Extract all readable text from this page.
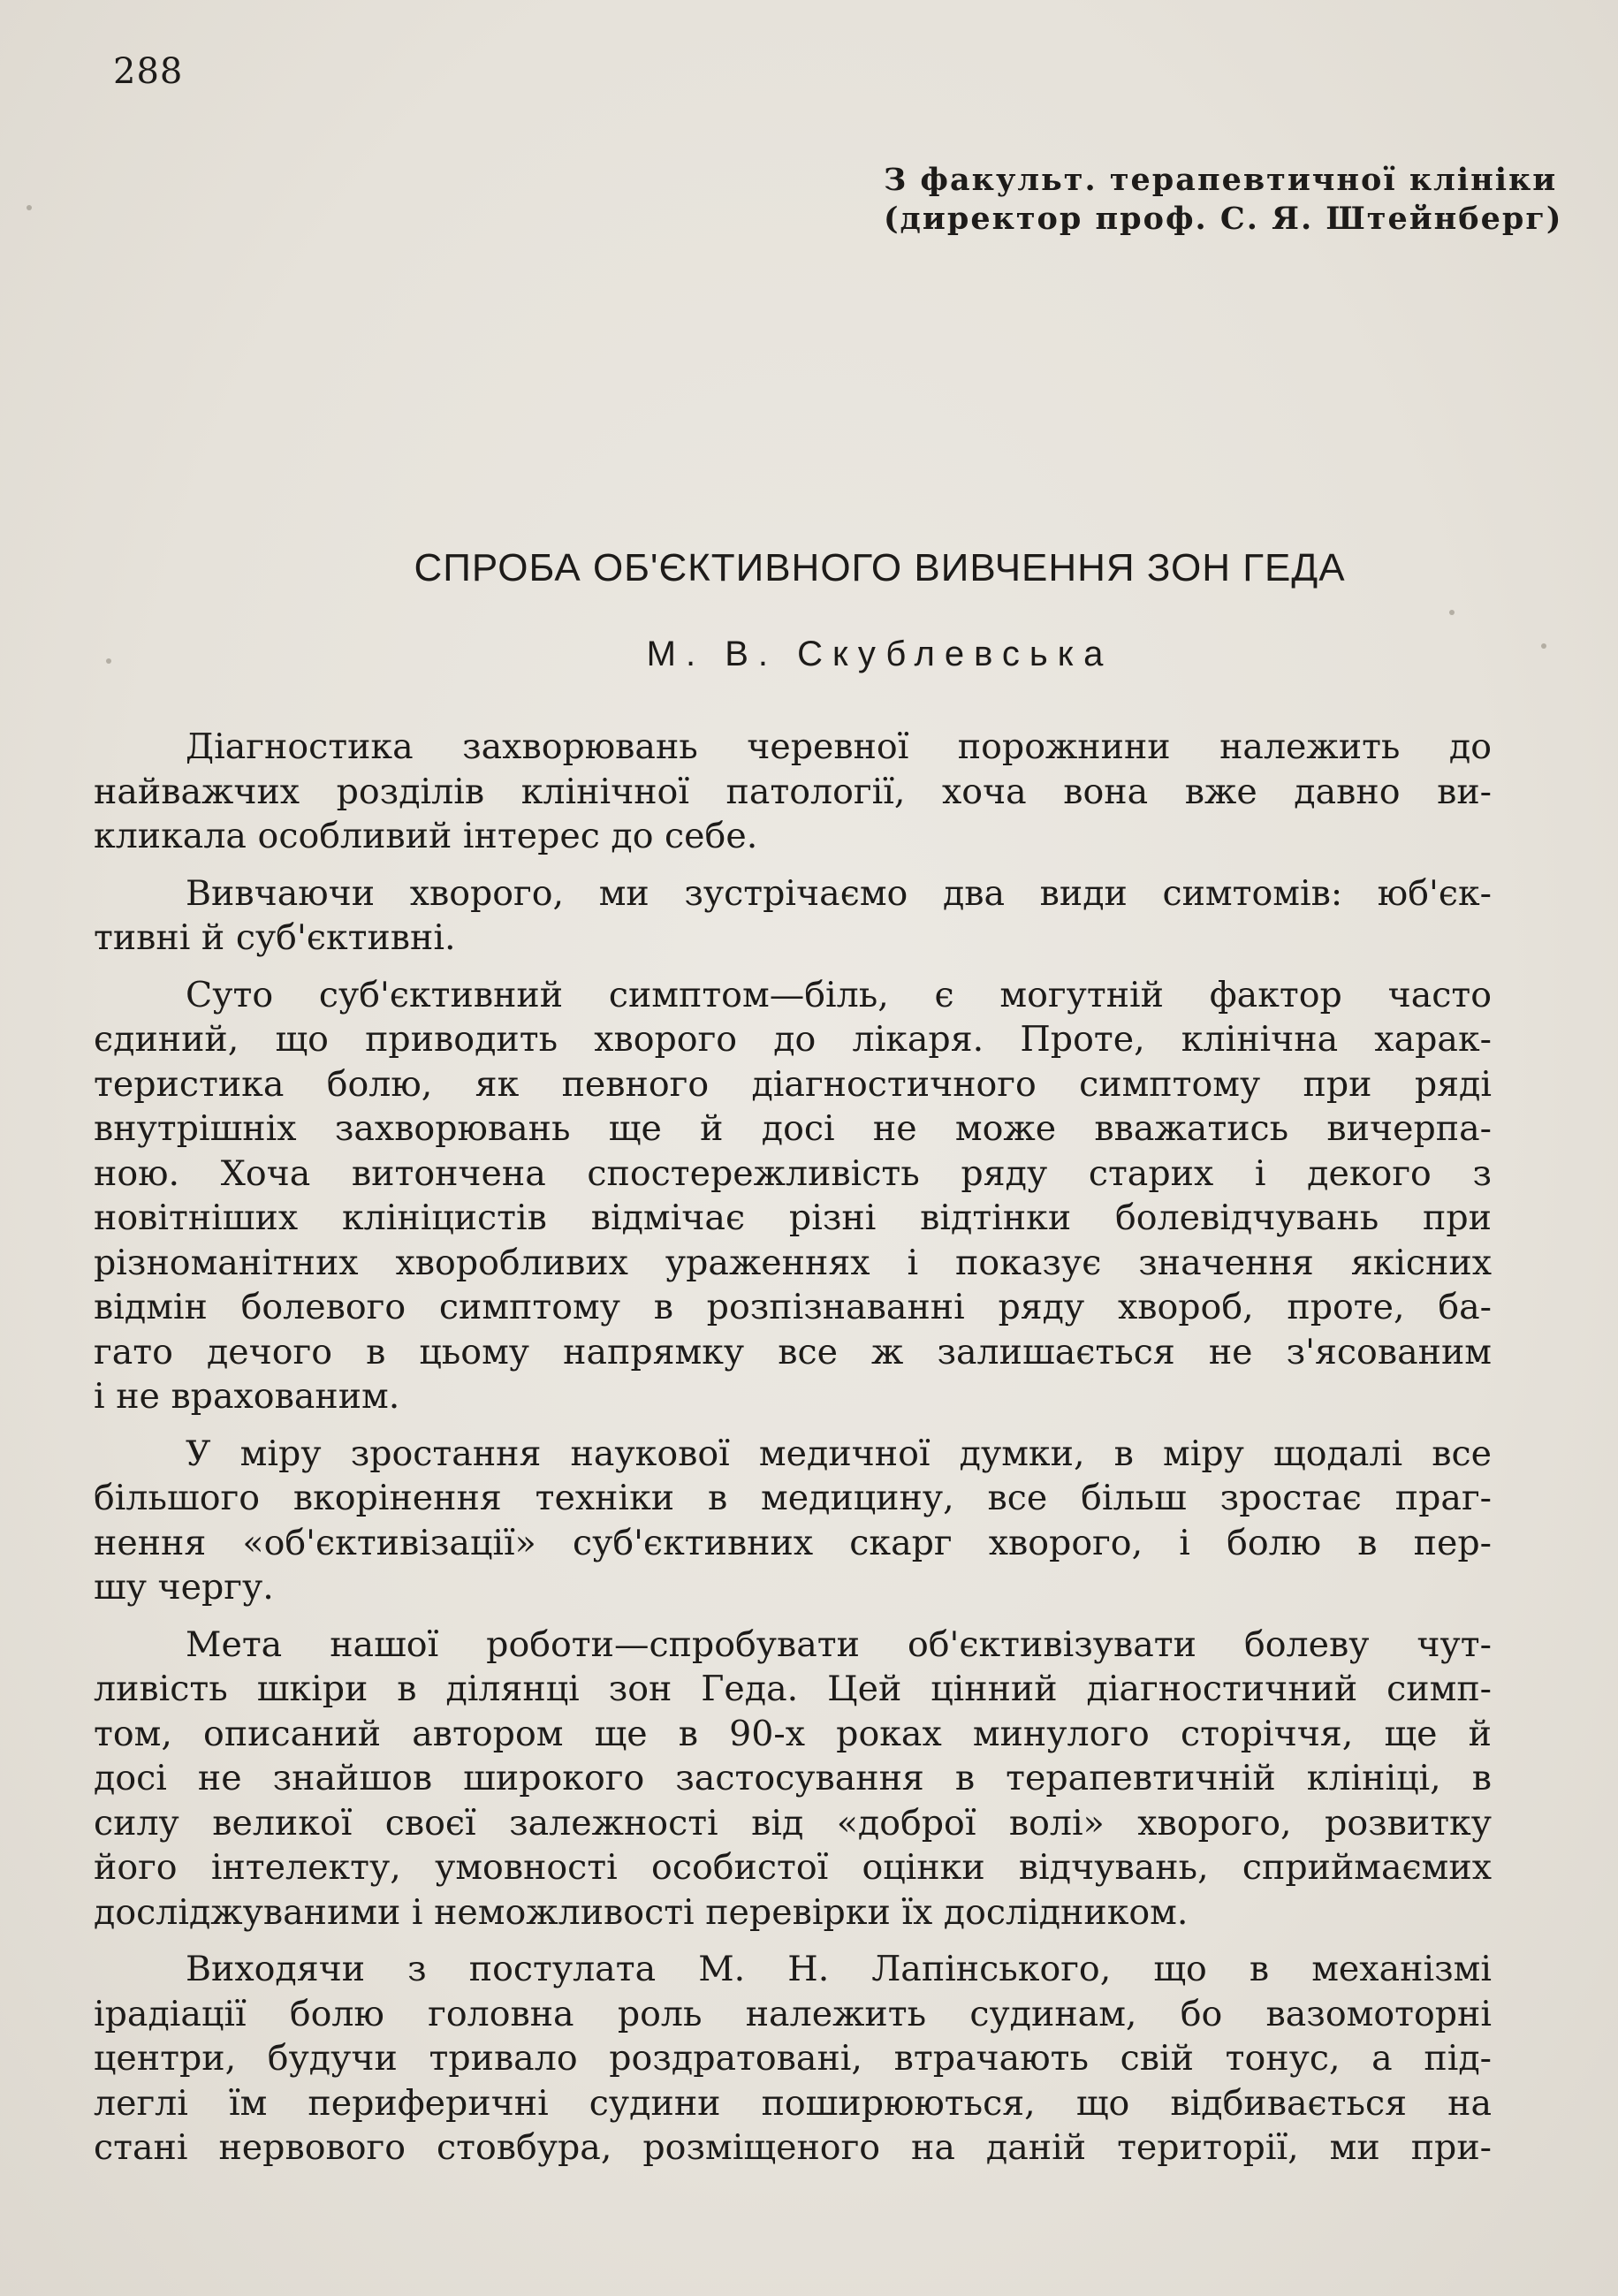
288
З факульт. терапевтичної клініки
(директор проф. С. Я. Штейнберг)
СПРОБА ОБ'ЄКТИВНОГО ВИВЧЕННЯ ЗОН ГЕДА
М. В. Скублевська
Діагностика захворювань черевної порожнини належить до
найважчих розділів клінічної патології, хоча вона вже давно ви-
кликала особливий інтерес до себе.
Вивчаючи хворого, ми зустрічаємо два види симтомів: юб'єк-
тивні й суб'єктивні.
Суто суб'єктивний симптом—біль, є могутній фактор часто
єдиний, що приводить хворого до лікаря. Проте, клінічна харак-
теристика болю, як певного діагностичного симптому при ряді
внутрішніх захворювань ще й досі не може вважатись вичерпа-
ною. Хоча витончена спостережливість ряду старих і декого з
новітніших клініцистів відмічає різні відтінки болевідчувань при
різноманітних хворобливих ураженнях і показує значення якісних
відмін болевого симптому в розпізнаванні ряду хвороб, проте, ба-
гато дечого в цьому напрямку все ж залишається не з'ясованим
і не врахованим.
У міру зростання наукової медичної думки, в міру щодалі все
більшого вкорінення техніки в медицину, все більш зростає праг-
нення «об'єктивізації» суб'єктивних скарг хворого, і болю в пер-
шу чергу.
Мета нашої роботи—спробувати об'єктивізувати болеву чут-
ливість шкіри в ділянці зон Геда. Цей цінний діагностичний симп-
том, описаний автором ще в 90-х роках минулого сторіччя, ще й
досі не знайшов широкого застосування в терапевтичній клініці, в
силу великої своєї залежності від «доброї волі» хворого, розвитку
його інтелекту, умовності особистої оцінки відчувань, сприймаємих
досліджуваними і неможливості перевірки їх дослідником.
Виходячи з постулата М. Н. Лапінського, що в механізмі
ірадіації болю головна роль належить судинам, бо вазомоторні
центри, будучи тривало роздратовані, втрачають свій тонус, а під-
леглі їм периферичні судини поширюються, що відбивається на
стані нервового стовбура, розміщеного на даній території, ми при-
